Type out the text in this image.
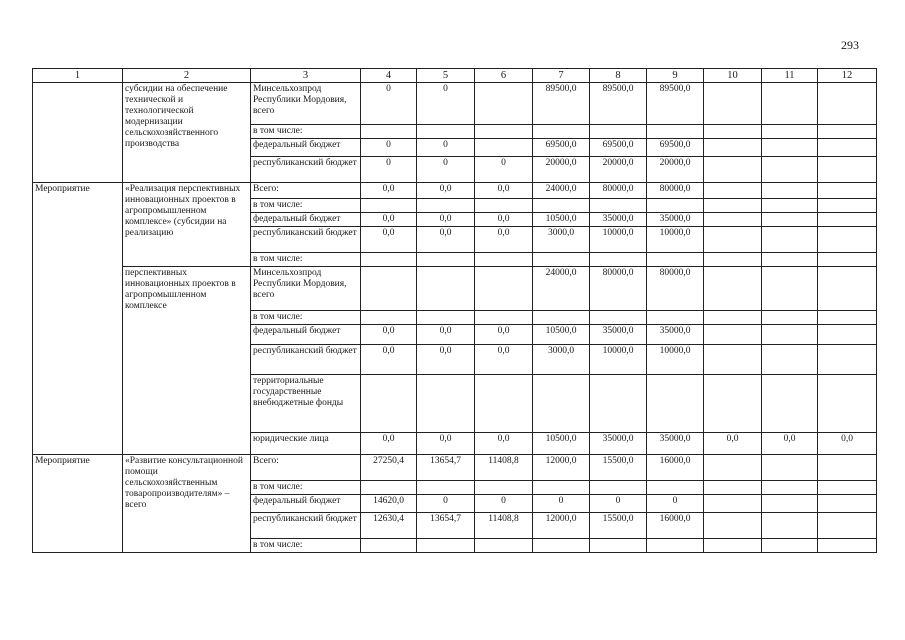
293
1	2	3	4	5	6	7	8	9	10	11	12
	субсидии на обеспечение технической и технологической модернизации сельскохозяйственного производства	Минсельхозпрод Республики Мордовия, всего	0	0		89500,0	89500,0	89500,0			
		в том числе:									
		федеральный бюджет	0	0		69500,0	69500,0	69500,0			
		республиканский бюджет	0	0	0	20000,0	20000,0	20000,0			
Мероприятие	«Реализация перспективных инновационных проектов в агропромышленном комплексе» (субсидии на реализацию	Всего:	0,0	0,0	0,0	24000,0	80000,0	80000,0			
		в том числе:									
		федеральный бюджет	0,0	0,0	0,0	10500,0	35000,0	35000,0			
		республиканский бюджет	0,0	0,0	0,0	3000,0	10000,0	10000,0			
		в том числе:									
	перспективных инновационных проектов в агропромышленном комплексе	Минсельхозпрод Республики Мордовия, всего				24000,0	80000,0	80000,0			
		в том числе:									
		федеральный бюджет	0,0	0,0	0,0	10500,0	35000,0	35000,0			
		республиканский бюджет	0,0	0,0	0,0	3000,0	10000,0	10000,0			
		территориальные государственные внебюджетные фонды									
		юридические лица	0,0	0,0	0,0	10500,0	35000,0	35000,0	0,0	0,0	0,0
Мероприятие	«Развитие консультационной помощи сельскохозяйственным товаропроизводителям» – всего	Всего:	27250,4	13654,7	11408,8	12000,0	15500,0	16000,0			
		в том числе:									
		федеральный бюджет	14620,0	0	0	0	0	0			
		республиканский бюджет	12630,4	13654,7	11408,8	12000,0	15500,0	16000,0			
		в том числе:									
